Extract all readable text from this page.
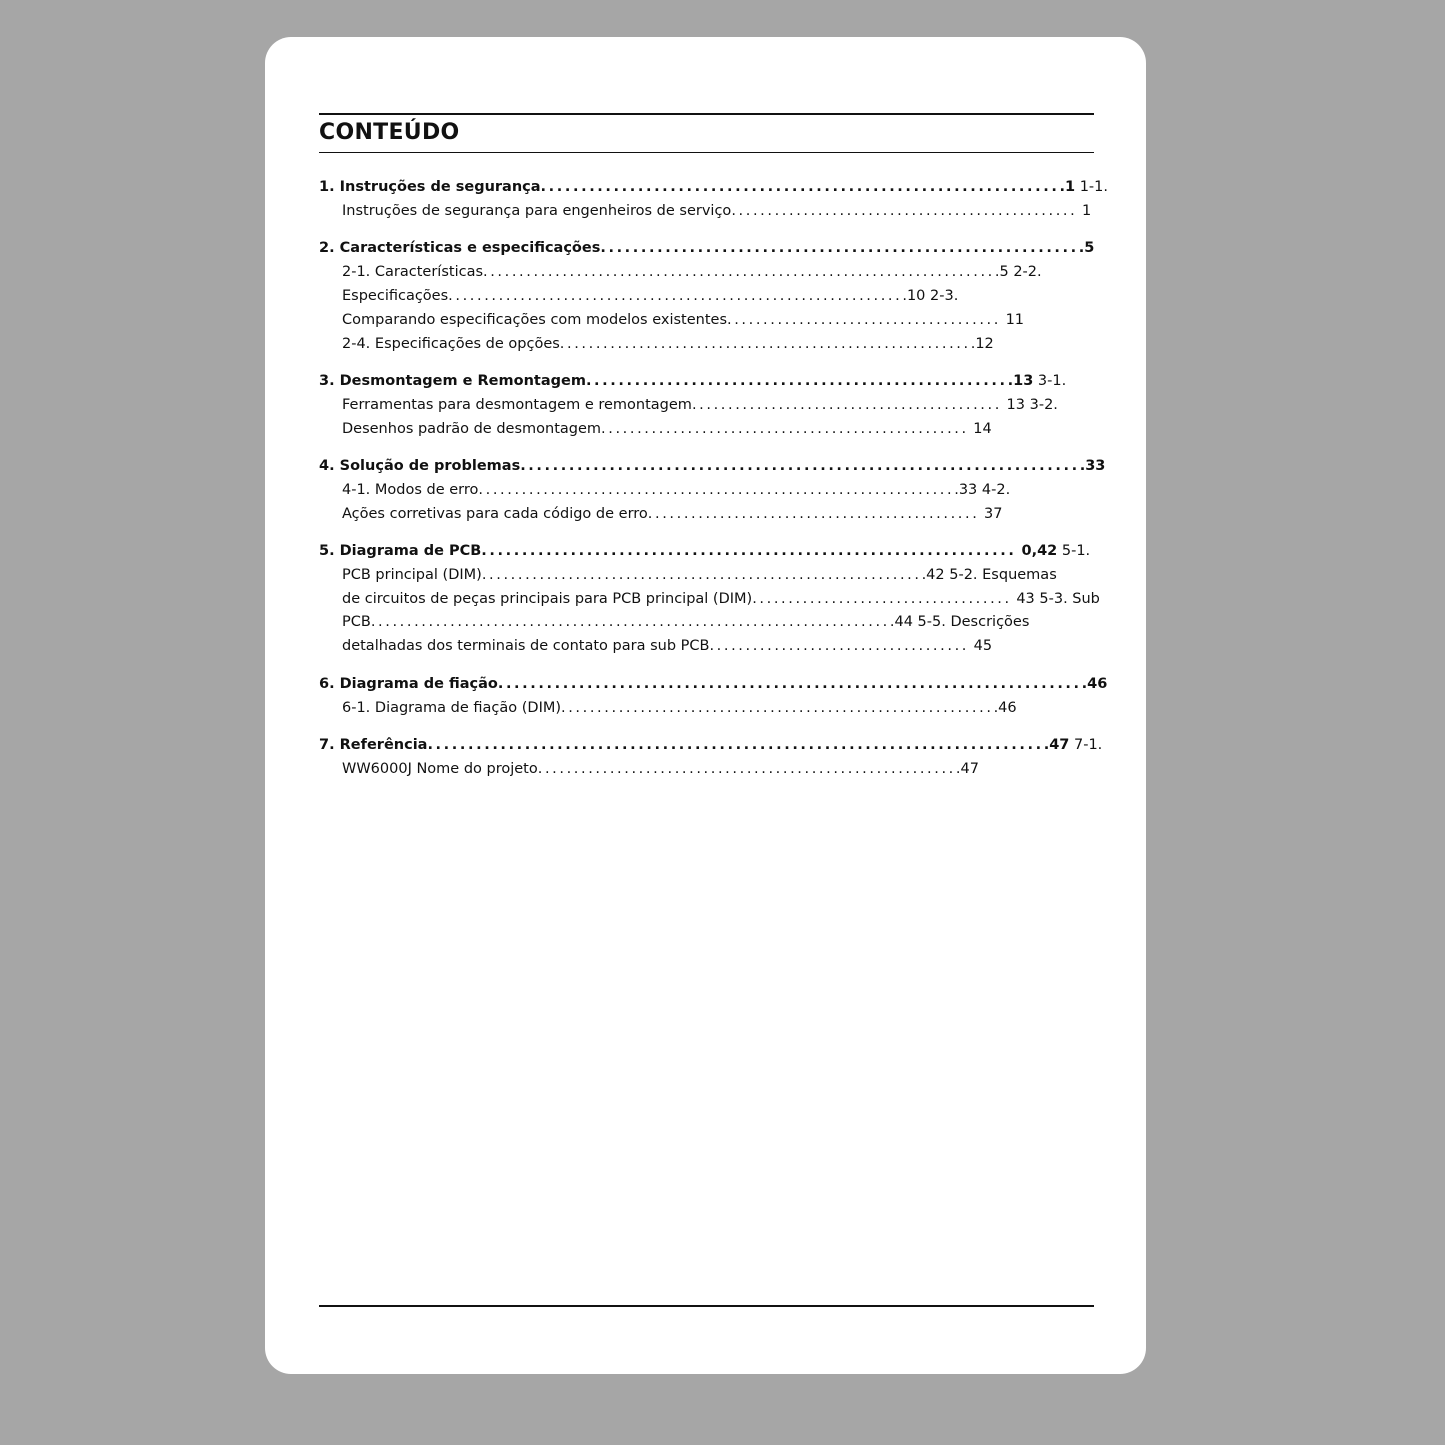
CONTEÚDO
1. Instruções de segurança.................................................................1 1-1.
Instruções de segurança para engenheiros de serviço................................................ 1
2. Características e especificações............................................................5
2-1. Características........................................................................5 2-2.
Especificações................................................................10 2-3.
Comparando especificações com modelos existentes...................................... 11
2-4. Especificações de opções..........................................................12
3. Desmontagem e Remontagem.....................................................13 3-1.
Ferramentas para desmontagem e remontagem........................................... 13 3-2.
Desenhos padrão de desmontagem................................................... 14
4. Solução de problemas......................................................................33
4-1. Modos de erro...................................................................33 4-2.
Ações corretivas para cada código de erro.............................................. 37
5. Diagrama de PCB.................................................................. 0,42 5-1.
PCB principal (DIM)..............................................................42 5-2. Esquemas
de circuitos de peças principais para PCB principal (DIM).................................... 43 5-3. Sub
PCB.........................................................................44 5-5. Descrições
detalhadas dos terminais de contato para sub PCB.................................... 45
6. Diagrama de fiação.........................................................................46
6-1. Diagrama de fiação (DIM).............................................................46
7. Referência.............................................................................47 7-1.
WW6000J Nome do projeto...........................................................47
